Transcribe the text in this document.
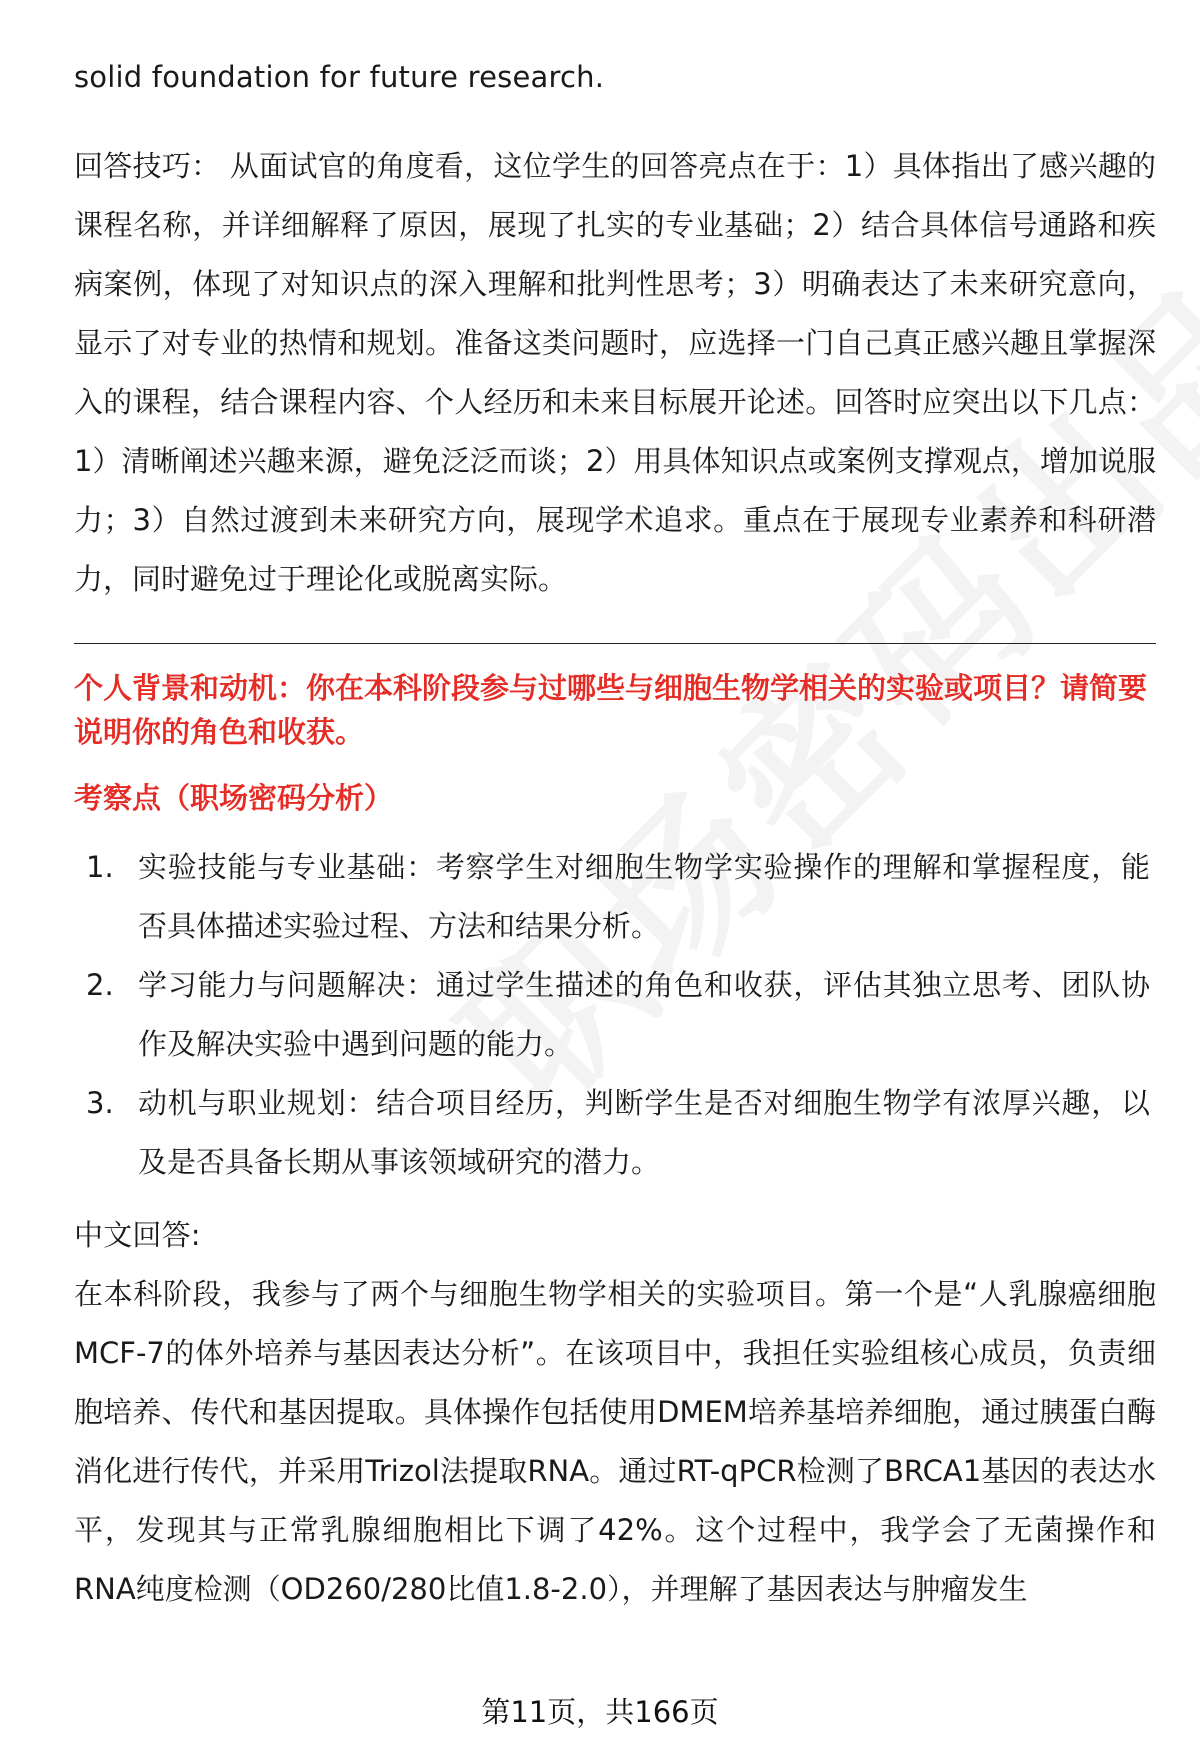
solid foundation for future research.

回答技巧： 从面试官的角度看，这位学生的回答亮点在于：1）具体指出了感兴趣的课程名称，并详细解释了原因，展现了扎实的专业基础；2）结合具体信号通路和疾病案例，体现了对知识点的深入理解和批判性思考；3）明确表达了未来研究意向，显示了对专业的热情和规划。准备这类问题时，应选择一门自己真正感兴趣且掌握深入的课程，结合课程内容、个人经历和未来目标展开论述。回答时应突出以下几点：1）清晰阐述兴趣来源，避免泛泛而谈；2）用具体知识点或案例支撑观点，增加说服力；3）自然过渡到未来研究方向，展现学术追求。重点在于展现专业素养和科研潜力，同时避免过于理论化或脱离实际。

个人背景和动机：你在本科阶段参与过哪些与细胞生物学相关的实验或项目？请简要说明你的角色和收获。

考察点（职场密码分析）

1. 实验技能与专业基础：考察学生对细胞生物学实验操作的理解和掌握程度，能否具体描述实验过程、方法和结果分析。
2. 学习能力与问题解决：通过学生描述的角色和收获，评估其独立思考、团队协作及解决实验中遇到问题的能力。
3. 动机与职业规划：结合项目经历，判断学生是否对细胞生物学有浓厚兴趣，以及是否具备长期从事该领域研究的潜力。

中文回答:

在本科阶段，我参与了两个与细胞生物学相关的实验项目。第一个是“人乳腺癌细胞MCF-7的体外培养与基因表达分析”。在该项目中，我担任实验组核心成员，负责细胞培养、传代和基因提取。具体操作包括使用DMEM培养基培养细胞，通过胰蛋白酶消化进行传代，并采用Trizol法提取RNA。通过RT-qPCR检测了BRCA1基因的表达水平，发现其与正常乳腺细胞相比下调了42%。这个过程中，我学会了无菌操作和RNA纯度检测（OD260/280比值1.8-2.0），并理解了基因表达与肿瘤发生

第11页，共166页
